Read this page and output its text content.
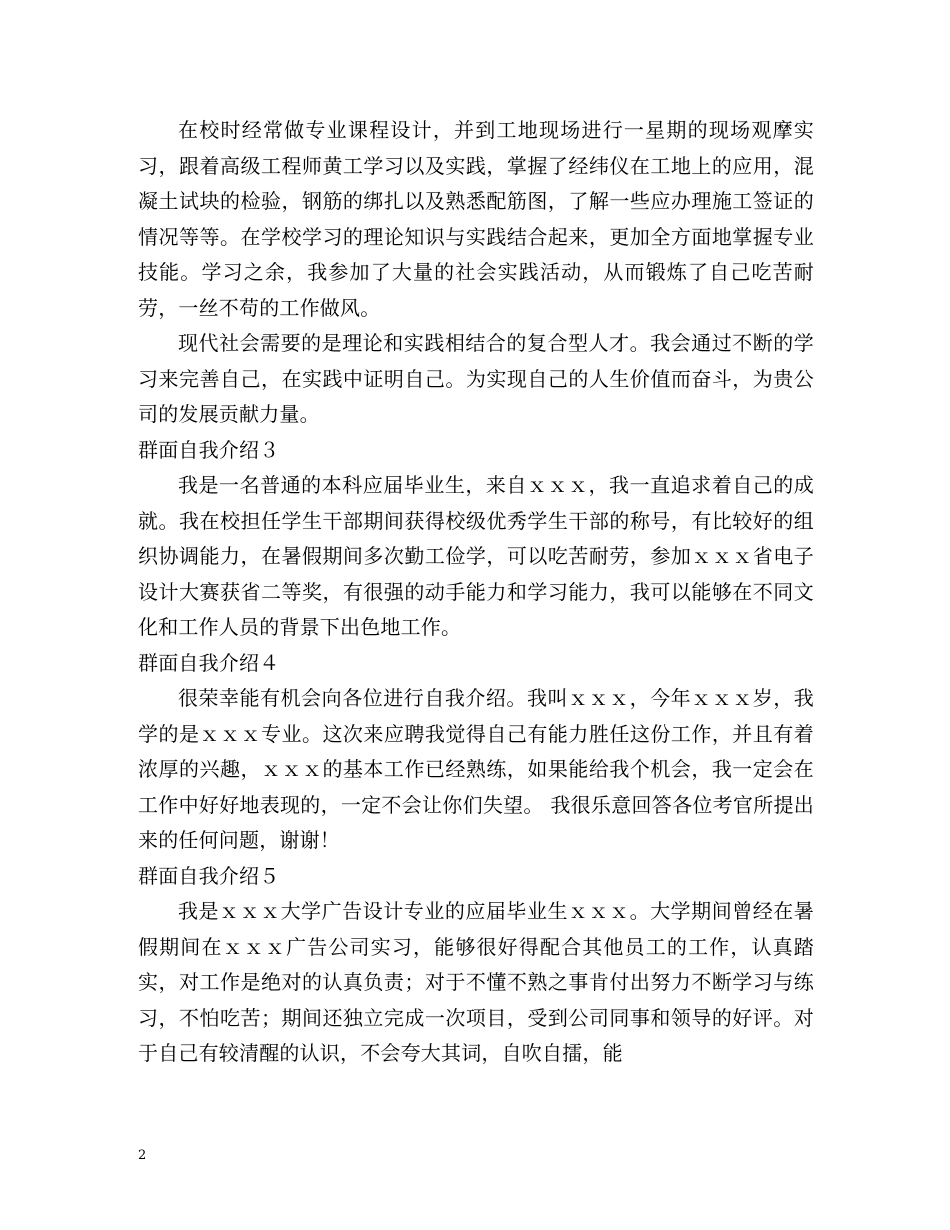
在校时经常做专业课程设计，并到工地现场进行一星期的现场观摩实习，跟着高级工程师黄工学习以及实践，掌握了经纬仪在工地上的应用，混凝土试块的检验，钢筋的绑扎以及熟悉配筋图，了解一些应办理施工签证的情况等等。在学校学习的理论知识与实践结合起来，更加全方面地掌握专业技能。学习之余，我参加了大量的社会实践活动，从而锻炼了自己吃苦耐劳，一丝不苟的工作做风。

现代社会需要的是理论和实践相结合的复合型人才。我会通过不断的学习来完善自己，在实践中证明自己。为实现自己的人生价值而奋斗，为贵公司的发展贡献力量。

群面自我介绍３

我是一名普通的本科应届毕业生，来自ｘｘｘ，我一直追求着自己的成就。我在校担任学生干部期间获得校级优秀学生干部的称号，有比较好的组织协调能力，在暑假期间多次勤工俭学，可以吃苦耐劳，参加ｘｘｘ省电子设计大赛获省二等奖，有很强的动手能力和学习能力，我可以能够在不同文化和工作人员的背景下出色地工作。

群面自我介绍４

很荣幸能有机会向各位进行自我介绍。我叫ｘｘｘ，今年ｘｘｘ岁，我学的是ｘｘｘ专业。这次来应聘我觉得自己有能力胜任这份工作，并且有着浓厚的兴趣，ｘｘｘ的基本工作已经熟练，如果能给我个机会，我一定会在工作中好好地表现的，一定不会让你们失望。 我很乐意回答各位考官所提出来的任何问题，谢谢！

群面自我介绍５

我是ｘｘｘ大学广告设计专业的应届毕业生ｘｘｘ。大学期间曾经在暑假期间在ｘｘｘ广告公司实习，能够很好得配合其他员工的工作，认真踏实，对工作是绝对的认真负责；对于不懂不熟之事肯付出努力不断学习与练习，不怕吃苦；期间还独立完成一次项目，受到公司同事和领导的好评。对于自己有较清醒的认识，不会夸大其词，自吹自擂，能

2
